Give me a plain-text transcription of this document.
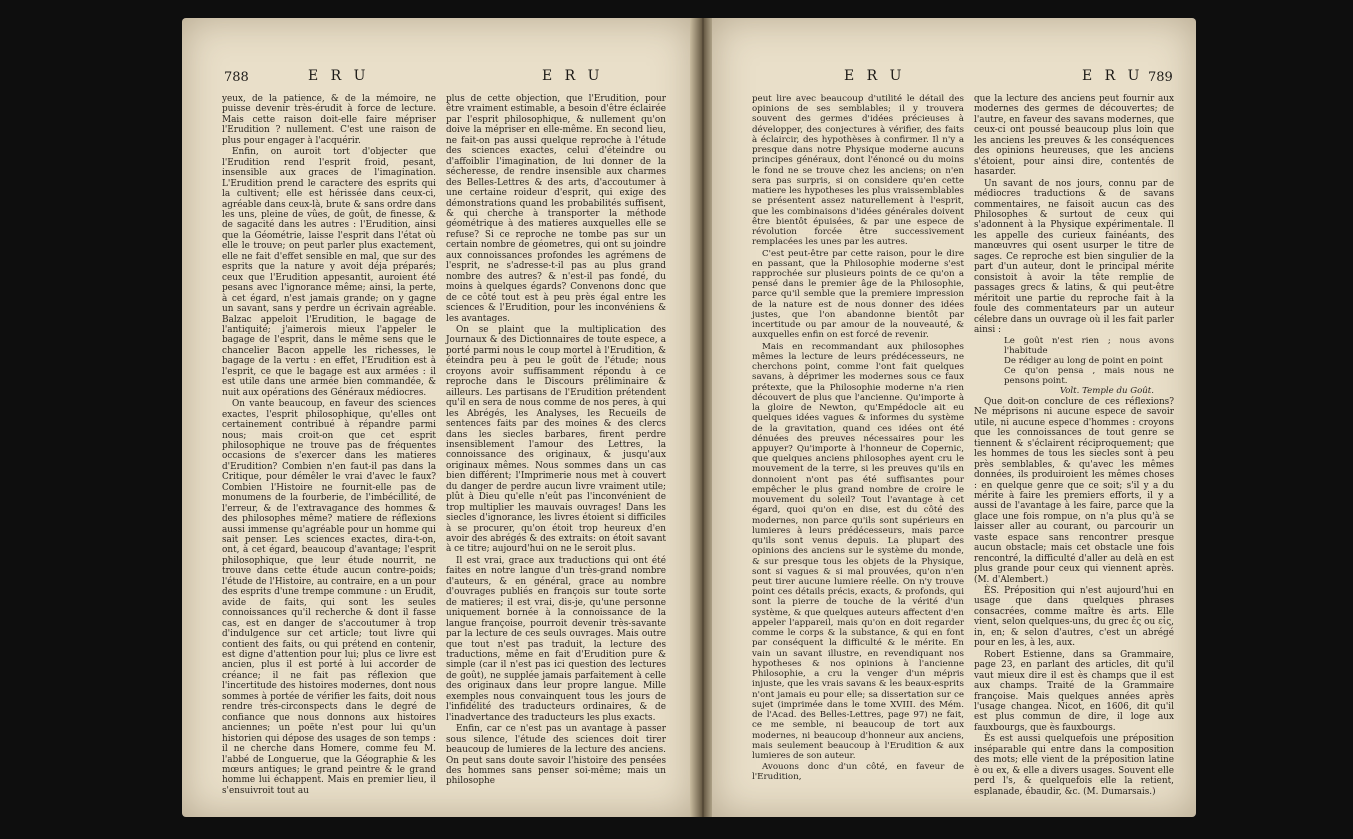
788	E R U	E R U

yeux, de la patience, & de la mémoire, ne puisse devenir très-érudit à force de lecture. Mais cette raison doit-elle faire mépriser l'Erudition ? nullement. C'est une raison de plus pour engager à l'acquérir.

Enfin, on auroit tort d'objecter que l'Erudition rend l'esprit froid, pesant, insensible aux graces de l'imagination. L'Erudition prend le caractere des esprits qui la cultivent; elle est hérissée dans ceux-ci, agréable dans ceux-là, brute & sans ordre dans les uns, pleine de vûes, de goût, de finesse, & de sagacité dans les autres : l'Erudition, ainsi que la Géométrie, laisse l'esprit dans l'état où elle le trouve; on peut parler plus exactement, elle ne fait d'effet sensible en mal, que sur des esprits que la nature y avoit déja préparés; ceux que l'Erudition appesantit, auroient été pesans avec l'ignorance même; ainsi, la perte, à cet égard, n'est jamais grande; on y gagne un savant, sans y perdre un écrivain agréable. Balzac appeloit l'Erudition, le bagage de l'antiquité; j'aimerois mieux l'appeler le bagage de l'esprit, dans le même sens que le chancelier Bacon appelle les richesses, le bagage de la vertu : en effet, l'Erudition est à l'esprit, ce que le bagage est aux armées : il est utile dans une armée bien commandée, & nuit aux opérations des Généraux médiocres.

On vante beaucoup, en faveur des sciences exactes, l'esprit philosophique, qu'elles ont certainement contribué à répandre parmi nous; mais croit-on que cet esprit philosophique ne trouve pas de fréquentes occasions de s'exercer dans les matieres d'Erudition? Combien n'en faut-il pas dans la Critique, pour démêler le vrai d'avec le faux? Combien l'Histoire ne fournit-elle pas de monumens de la fourberie, de l'imbécillité, de l'erreur, & de l'extravagance des hommes & des philosophes même? matiere de réflexions aussi immense qu'agréable pour un homme qui sait penser. Les sciences exactes, dira-t-on, ont, à cet égard, beaucoup d'avantage; l'esprit philosophique, que leur étude nourrit, ne trouve dans cette étude aucun contre-poids; l'étude de l'Histoire, au contraire, en a un pour des esprits d'une trempe commune : un Erudit, avide de faits, qui sont les seules connoissances qu'il recherche & dont il fasse cas, est en danger de s'accoutumer à trop d'indulgence sur cet article; tout livre qui contient des faits, ou qui prétend en contenir, est digne d'attention pour lui; plus ce livre est ancien, plus il est porté à lui accorder de créance; il ne fait pas réflexion que l'incertitude des histoires modernes, dont nous sommes à portée de vérifier les faits, doit nous rendre très-circonspects dans le degré de confiance que nous donnons aux histoires anciennes; un poëte n'est pour lui qu'un historien qui dépose des usages de son temps : il ne cherche dans Homere, comme feu M. l'abbé de Longuerue, que la Géographie & les mœurs antiques; le grand peintre & le grand homme lui échappent. Mais en premier lieu, il s'ensuivroit tout au

plus de cette objection, que l'Erudition, pour être vraiment estimable, a besoin d'être éclairée par l'esprit philosophique, & nullement qu'on doive la mépriser en elle-même. En second lieu, ne fait-on pas aussi quelque reproche à l'étude des sciences exactes, celui d'éteindre ou d'affoiblir l'imagination, de lui donner de la sécheresse, de rendre insensible aux charmes des Belles-Lettres & des arts, d'accoutumer à une certaine roideur d'esprit, qui exige des démonstrations quand les probabilités suffisent, & qui cherche à transporter la méthode géométrique à des matieres auxquelles elle se refuse? Si ce reproche ne tombe pas sur un certain nombre de géometres, qui ont su joindre aux connoissances profondes les agrémens de l'esprit, ne s'adresse-t-il pas au plus grand nombre des autres? & n'est-il pas fondé, du moins à quelques égards? Convenons donc que de ce côté tout est à peu près égal entre les sciences & l'Erudition, pour les inconvéniens & les avantages.

On se plaint que la multiplication des Journaux & des Dictionnaires de toute espece, a porté parmi nous le coup mortel à l'Erudition, & éteindra peu à peu le goût de l'étude; nous croyons avoir suffisamment répondu à ce reproche dans le Discours préliminaire & ailleurs. Les partisans de l'Erudition prétendent qu'il en sera de nous comme de nos peres, à qui les Abrégés, les Analyses, les Recueils de sentences faits par des moines & des clercs dans les siecles barbares, firent perdre insensiblement l'amour des Lettres, la connoissance des originaux, & jusqu'aux originaux mêmes. Nous sommes dans un cas bien différent; l'Imprimerie nous met à couvert du danger de perdre aucun livre vraiment utile; plût à Dieu qu'elle n'eût pas l'inconvénient de trop multiplier les mauvais ouvrages! Dans les siecles d'ignorance, les livres étoient si difficiles à se procurer, qu'on étoit trop heureux d'en avoir des abrégés & des extraits: on étoit savant à ce titre; aujourd'hui on ne le seroit plus.

Il est vrai, grace aux traductions qui ont été faites en notre langue d'un très-grand nombre d'auteurs, & en général, grace au nombre d'ouvrages publiés en françois sur toute sorte de matieres; il est vrai, dis-je, qu'une personne uniquement bornée à la connoissance de la langue françoise, pourroit devenir très-savante par la lecture de ces seuls ouvrages. Mais outre que tout n'est pas traduit, la lecture des traductions, même en fait d'Erudition pure & simple (car il n'est pas ici question des lectures de goût), ne supplée jamais parfaitement à celle des originaux dans leur propre langue. Mille exemples nous convainquent tous les jours de l'infidélité des traducteurs ordinaires, & de l'inadvertance des traducteurs les plus exacts.

Enfin, car ce n'est pas un avantage à passer sous silence, l'étude des sciences doit tirer beaucoup de lumieres de la lecture des anciens. On peut sans doute savoir l'histoire des pensées des hommes sans penser soi-même; mais un philosophe

E R U	E R U 789

peut lire avec beaucoup d'utilité le détail des opinions de ses semblables; il y trouvera souvent des germes d'idées précieuses à développer, des conjectures à vérifier, des faits à éclaircir, des hypothèses à confirmer. Il n'y a presque dans notre Physique moderne aucuns principes généraux, dont l'énoncé ou du moins le fond ne se trouve chez les anciens; on n'en sera pas surpris, si on considere qu'en cette matiere les hypotheses les plus vraissemblables se présentent assez naturellement à l'esprit, que les combinaisons d'idées générales doivent être bientôt épuisées, & par une espece de révolution forcée être successivement remplacées les unes par les autres.

C'est peut-être par cette raison, pour le dire en passant, que la Philosophie moderne s'est rapprochée sur plusieurs points de ce qu'on a pensé dans le premier âge de la Philosophie, parce qu'il semble que la premiere impression de la nature est de nous donner des idées justes, que l'on abandonne bientôt par incertitude ou par amour de la nouveauté, & auxquelles enfin on est forcé de revenir.

Mais en recommandant aux philosophes mêmes la lecture de leurs prédécesseurs, ne cherchons point, comme l'ont fait quelques savans, à déprimer les modernes sous ce faux prétexte, que la Philosophie moderne n'a rien découvert de plus que l'ancienne. Qu'importe à la gloire de Newton, qu'Empédocle ait eu quelques idées vagues & informes du système de la gravitation, quand ces idées ont été dénuées des preuves nécessaires pour les appuyer? Qu'importe à l'honneur de Copernic, que quelques anciens philosophes ayent cru le mouvement de la terre, si les preuves qu'ils en donnoient n'ont pas été suffisantes pour empêcher le plus grand nombre de croire le mouvement du soleil? Tout l'avantage à cet égard, quoi qu'on en dise, est du côté des modernes, non parce qu'ils sont supérieurs en lumieres à leurs prédécesseurs, mais parce qu'ils sont venus depuis. La plupart des opinions des anciens sur le système du monde, & sur presque tous les objets de la Physique, sont si vagues & si mal prouvées, qu'on n'en peut tirer aucune lumiere réelle. On n'y trouve point ces détails précis, exacts, & profonds, qui sont la pierre de touche de la vérité d'un système, & que quelques auteurs affectent d'en appeler l'appareil, mais qu'on en doit regarder comme le corps & la substance, & qui en font par conséquent la difficulté & le mérite. En vain un savant illustre, en revendiquant nos hypotheses & nos opinions à l'ancienne Philosophie, a cru la venger d'un mépris injuste, que les vrais savans & les beaux-esprits n'ont jamais eu pour elle; sa dissertation sur ce sujet (imprimée dans le tome XVIII. des Mém. de l'Acad. des Belles-Lettres, page 97) ne fait, ce me semble, ni beaucoup de tort aux modernes, ni beaucoup d'honneur aux anciens, mais seulement beaucoup à l'Erudition & aux lumieres de son auteur.

Avouons donc d'un côté, en faveur de l'Erudition,

que la lecture des anciens peut fournir aux modernes des germes de découvertes; de l'autre, en faveur des savans modernes, que ceux-ci ont poussé beaucoup plus loin que les anciens les preuves & les conséquences des opinions heureuses, que les anciens s'étoient, pour ainsi dire, contentés de hasarder.

Un savant de nos jours, connu par de médiocres traductions & de savans commentaires, ne faisoit aucun cas des Philosophes & surtout de ceux qui s'adonnent à la Physique expérimentale. Il les appelle des curieux fainéants, des manœuvres qui osent usurper le titre de sages. Ce reproche est bien singulier de la part d'un auteur, dont le principal mérite consistoit à avoir la tête remplie de passages grecs & latins, & qui peut-être méritoit une partie du reproche fait à la foule des commentateurs par un auteur célebre dans un ouvrage où il les fait parler ainsi :

Le goût n'est rien ; nous avons l'habitude
De rédiger au long de point en point
Ce qu'on pensa , mais nous ne pensons point.
Volt. Temple du Goût.

Que doit-on conclure de ces réflexions? Ne méprisons ni aucune espece de savoir utile, ni aucune espece d'hommes : croyons que les connoissances de tout genre se tiennent & s'éclairent réciproquement; que les hommes de tous les siecles sont à peu près semblables, & qu'avec les mêmes données, ils produiroient les mêmes choses : en quelque genre que ce soit; s'il y a du mérite à faire les premiers efforts, il y a aussi de l'avantage à les faire, parce que la glace une fois rompue, on n'a plus qu'à se laisser aller au courant, ou parcourir un vaste espace sans rencontrer presque aucun obstacle; mais cet obstacle une fois rencontré, la difficulté d'aller au delà en est plus grande pour ceux qui viennent après. (M. d'Alembert.)

ÈS. Préposition qui n'est aujourd'hui en usage que dans quelques phrases consacrées, comme maître ès arts. Elle vient, selon quelques-uns, du grec ἐς ou εἰς, in, en; & selon d'autres, c'est un abrégé pour en les, à les, aux.

Robert Estienne, dans sa Grammaire, page 23, en parlant des articles, dit qu'il vaut mieux dire il est ès champs que il est aux champs. Traité de la Grammaire françoise. Mais quelques années après l'usage changea. Nicot, en 1606, dit qu'il est plus commun de dire, il loge aux fauxbourgs, que ès fauxbourgs.

Ès est aussi quelquefois une préposition inséparable qui entre dans la composition des mots; elle vient de la préposition latine è ou ex, & elle a divers usages. Souvent elle perd l's, & quelquefois elle la retient, esplanade, ébaudir, &c. (M. Dumarsais.)
